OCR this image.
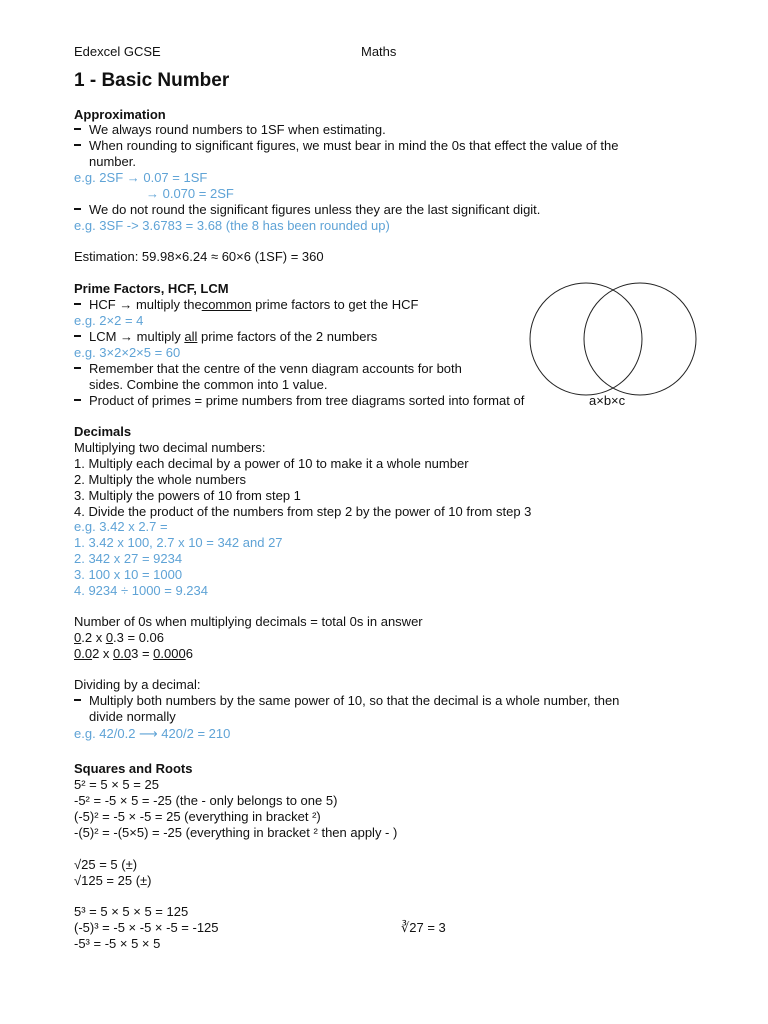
Edexcel GCSE	Maths
1 - Basic Number
Approximation
We always round numbers to 1SF when estimating.
When rounding to significant figures, we must bear in mind the 0s that effect the value of the
number.
e.g. 2SF → 0.07 = 1SF
→ 0.070 = 2SF
We do not round the significant figures unless they are the last significant digit.
e.g. 3SF -> 3.6783 = 3.68 (the 8 has been rounded up)
Estimation: 59.98×6.24 ≈ 60×6 (1SF) = 360
Prime Factors, HCF, LCM
HCF → multiply thecommon prime factors to get the HCF
e.g. 2×2 = 4
LCM → multiply all prime factors of the 2 numbers
e.g. 3×2×2×5 = 60
Remember that the centre of the venn diagram accounts for both
sides. Combine the common into 1 value.
Product of primes = prime numbers from tree diagrams sorted into format of	a×b×c
Decimals
Multiplying two decimal numbers:
1. Multiply each decimal by a power of 10 to make it a whole number
2. Multiply the whole numbers
3. Multiply the powers of 10 from step 1
4. Divide the product of the numbers from step 2 by the power of 10 from step 3
e.g. 3.42 x 2.7 =
1. 3.42 x 100, 2.7 x 10 = 342 and 27
2. 342 x 27 = 9234
3. 100 x 10 = 1000
4. 9234 ÷ 1000 = 9.234
Number of 0s when multiplying decimals = total 0s in answer
0.2 x 0.3 = 0.06
0.02 x 0.03 = 0.0006
Dividing by a decimal:
Multiply both numbers by the same power of 10, so that the decimal is a whole number, then
divide normally
e.g. 42/0.2 ⟶ 420/2 = 210
Squares and Roots
5² = 5 × 5 = 25
-5² = -5 × 5 = -25 (the - only belongs to one 5)
(-5)² = -5 × -5 = 25 (everything in bracket ²)
-(5)² = -(5×5) = -25 (everything in bracket ² then apply - )
√25 = 5 (±)
√125 = 25 (±)
5³ = 5 × 5 × 5 = 125
(-5)³ = -5 × -5 × -5 = -125
-5³ = -5 × 5 × 5
∛27 = 3
